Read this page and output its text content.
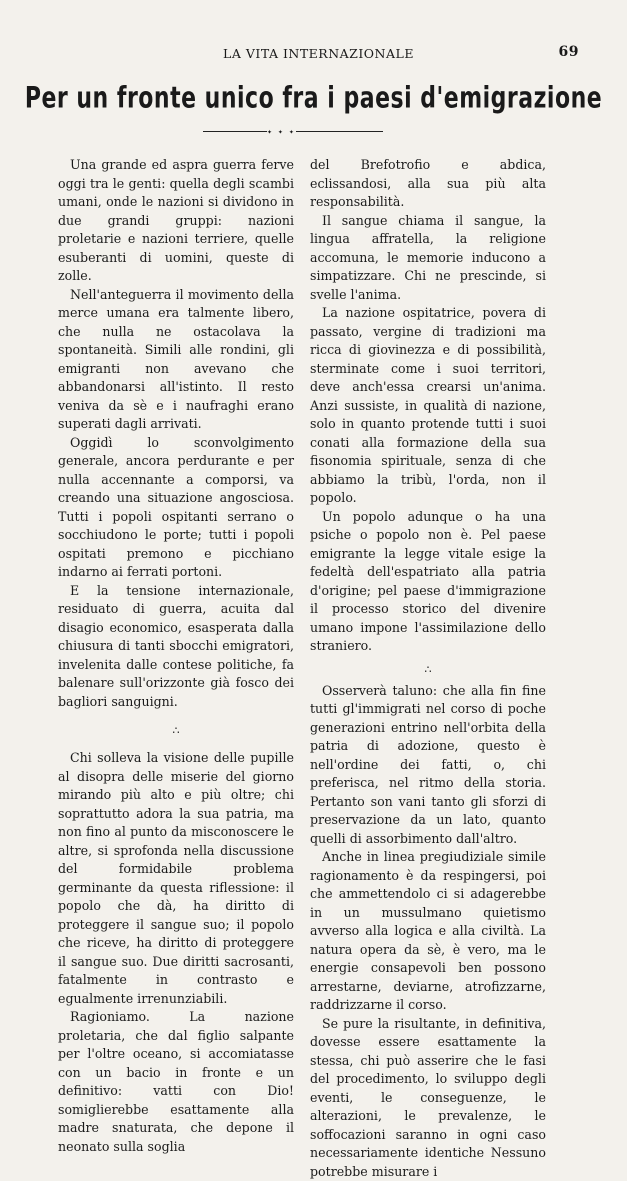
LA VITA INTERNAZIONALE	69
Per un fronte unico fra i paesi d'emigrazione
✦ ✦ ✦

Una grande ed aspra guerra ferve oggi tra le genti: quella degli scambi umani, onde le nazioni si dividono in due grandi gruppi: nazioni proletarie e nazioni terriere, quelle esuberanti di uomini, queste di zolle.

Nell'anteguerra il movimento della merce umana era talmente libero, che nulla ne ostacolava la spontaneità. Simili alle rondini, gli emigranti non avevano che abbandonarsi all'istinto. Il resto veniva da sè e i naufraghi erano superati dagli arrivati.

Oggidì lo sconvolgimento generale, ancora perdurante e per nulla accennante a comporsi, va creando una situazione angosciosa. Tutti i popoli ospitanti serrano o socchiudono le porte; tutti i popoli ospitati premono e picchiano indarno ai ferrati portoni.

E la tensione internazionale, residuato di guerra, acuita dal disagio economico, esasperata dalla chiusura di tanti sbocchi emigratori, invelenita dalle contese politiche, fa balenare sull'orizzonte già fosco dei bagliori sanguigni.

∴

Chi solleva la visione delle pupille al disopra delle miserie del giorno mirando più alto e più oltre; chi soprattutto adora la sua patria, ma non fino al punto da misconoscere le altre, si sprofonda nella discussione del formidabile problema germinante da questa riflessione: il popolo che dà, ha diritto di proteggere il sangue suo; il popolo che riceve, ha diritto di proteggere il sangue suo. Due diritti sacrosanti, fatalmente in contrasto e egualmente irrenunziabili.

Ragioniamo. La nazione proletaria, che dal figlio salpante per l'oltre oceano, si accomiatasse con un bacio in fronte e un definitivo: vatti con Dio! somiglierebbe esattamente alla madre snaturata, che depone il neonato sulla soglia

del Brefotrofio e abdica, eclissandosi, alla sua più alta responsabilità.

Il sangue chiama il sangue, la lingua affratella, la religione accomuna, le memorie inducono a simpatizzare. Chi ne prescinde, si svelle l'anima.

La nazione ospitatrice, povera di passato, vergine di tradizioni ma ricca di giovinezza e di possibilità, sterminate come i suoi territori, deve anch'essa crearsi un'anima. Anzi sussiste, in qualità di nazione, solo in quanto protende tutti i suoi conati alla formazione della sua fisonomia spirituale, senza di che abbiamo la tribù, l'orda, non il popolo.

Un popolo adunque o ha una psiche o popolo non è. Pel paese emigrante la legge vitale esige la fedeltà dell'espatriato alla patria d'origine; pel paese d'immigrazione il processo storico del divenire umano impone l'assimilazione dello straniero.

∴

Osserverà taluno: che alla fin fine tutti gl'immigrati nel corso di poche generazioni entrino nell'orbita della patria di adozione, questo è nell'ordine dei fatti, o, chi preferisca, nel ritmo della storia. Pertanto son vani tanto gli sforzi di preservazione da un lato, quanto quelli di assorbimento dall'altro.

Anche in linea pregiudiziale simile ragionamento è da respingersi, poi che ammettendolo ci si adagerebbe in un mussulmano quietismo avverso alla logica e alla civiltà. La natura opera da sè, è vero, ma le energie consapevoli ben possono arrestarne, deviarne, atrofizzarne, raddrizzarne il corso.

Se pure la risultante, in definitiva, dovesse essere esattamente la stessa, chi può asserire che le fasi del procedimento, lo sviluppo degli eventi, le conseguenze, le alterazioni, le prevalenze, le soffocazioni saranno in ogni caso necessariamente identiche Nessuno potrebbe misurare i
